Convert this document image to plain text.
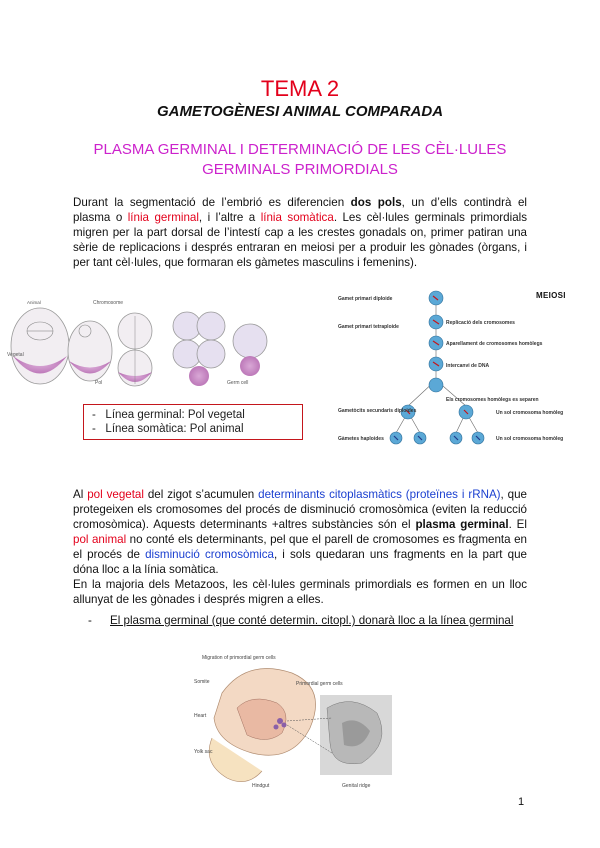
TEMA 2
GAMETOGÈNESI ANIMAL COMPARADA
PLASMA GERMINAL I DETERMINACIÓ DE LES CÈL·LULES GERMINALS PRIMORDIALS
Durant la segmentació de l’embrió es diferencien dos pols, un d’ells contindrà el plasma o línia germinal, i l’altre a línia somàtica. Les cèl·lules germinals primordials migren per la part dorsal de l’intestí cap a les crestes gonadals on, primer patiran una sèrie de replicacions i després entraran en meiosi per a produir les gònades (òrgans, i per tant cèl·lules, que formaran els gàmetes masculins i femenins).
Animal
Vegetal
Chromosome
Pol	Germ cell
-   Línea germinal: Pol vegetal
-   Línea somàtica: Pol animal
MEIOSI
Gamet primari diploide
Gamet primari tetraploide
Replicació dels cromosomes
Aparellament de cromosomes homòlegs
Intercanvi de DNA
Els cromosomes homòlegs es separen
Gametòcits secundaris diploides	Un sol cromosoma homòleg
Gàmetes haploides	Un sol cromosoma homòleg
Al pol vegetal del zigot s’acumulen determinants citoplasmàtics (proteïnes i rRNA), que protegeixen els cromosomes del procés de disminució cromosòmica (eviten la reducció cromosòmica). Aquests determinants +altres substàncies són el plasma germinal. El pol animal no conté els determinants, pel que el parell de cromosomes es fragmenta en el procés de disminució cromosòmica, i sols quedaran uns fragments en la part que dóna lloc a la línia somàtica.
En la majoria dels Metazoos, les cèl·lules germinals primordials es formen en un lloc allunyat de les gònades i després migren a elles.
- El plasma germinal (que conté determin. citopl.) donarà lloc a la línea germinal
Migration of primordial germ cells
Somite
Heart
Yolk sac
Primordial germ cells
Hindgut	Genital ridge
1
